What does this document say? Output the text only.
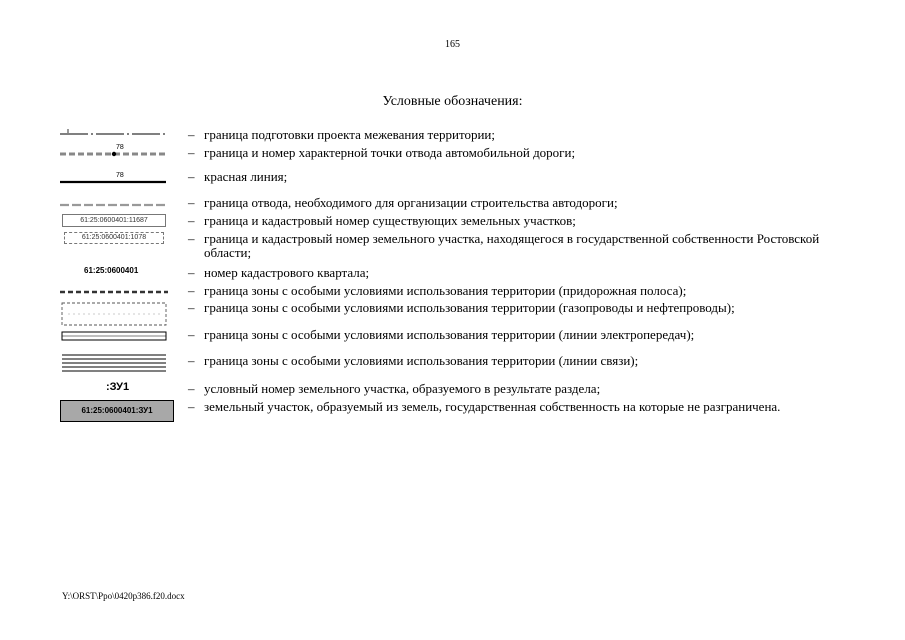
165
Условные обозначения:
– граница подготовки проекта межевания территории;
78	– граница и номер характерной точки отвода автомобильной дороги;
78	– красная линия;
– граница отвода, необходимого для организации строительства автодороги;
61:25:0600401:11687	– граница и кадастровый номер существующих земельных участков;
61:25:0600401:1078	– граница и кадастровый номер земельного участка, находящегося в государственной собственности Ростовской области;
61:25:0600401	– номер кадастрового квартала;
– граница зоны с особыми условиями использования территории (придорожная полоса);
– граница зоны с особыми условиями использования территории (газопроводы и нефтепроводы);
– граница зоны с особыми условиями использования территории (линии электропередач);
– граница зоны с особыми условиями использования территории (линии связи);
:ЗУ1	– условный номер земельного участка, образуемого в результате раздела;
61:25:0600401:ЗУ1	– земельный участок, образуемый из земель, государственная собственность на которые не разграничена.
Y:\ORST\Ppo\0420p386.f20.docx
